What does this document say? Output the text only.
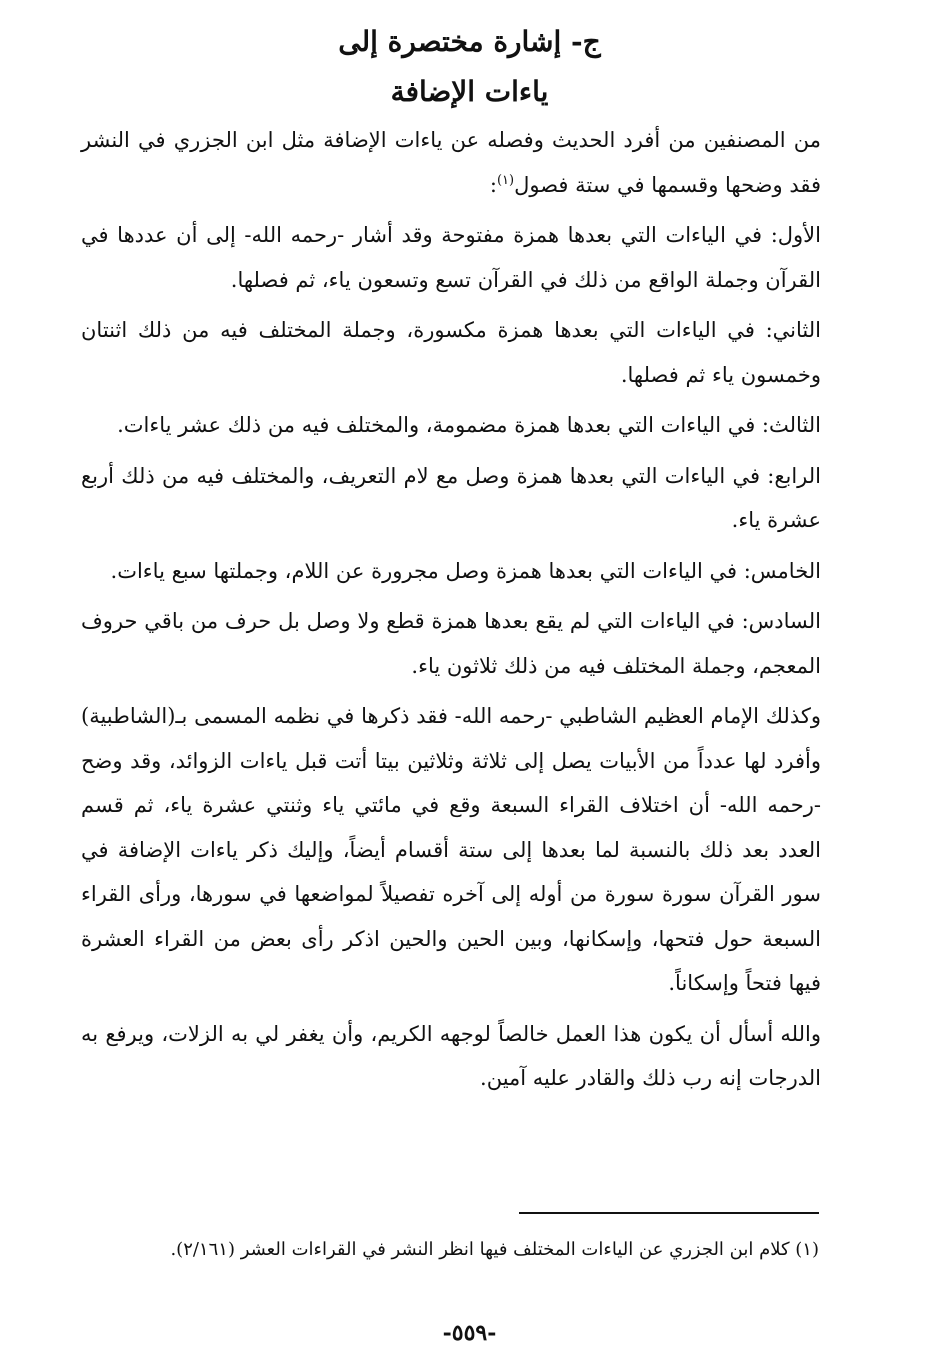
ج- إشارة مختصرة إلى
ياءات الإضافة

من المصنفين من أفرد الحديث وفصله عن ياءات الإضافة مثل ابن الجزري في النشر فقد وضحها وقسمها في ستة فصول$^{(١)}$:

الأول: في الياءات التي بعدها همزة مفتوحة وقد أشار -رحمه الله- إلى أن عددها في القرآن وجملة الواقع من ذلك في القرآن تسع وتسعون ياء، ثم فصلها.

الثاني: في الياءات التي بعدها همزة مكسورة، وجملة المختلف فيه من ذلك اثنتان وخمسون ياء ثم فصلها.

الثالث: في الياءات التي بعدها همزة مضمومة، والمختلف فيه من ذلك عشر ياءات.

الرابع: في الياءات التي بعدها همزة وصل مع لام التعريف، والمختلف فيه من ذلك أربع عشرة ياء.

الخامس: في الياءات التي بعدها همزة وصل مجرورة عن اللام، وجملتها سبع ياءات.

السادس: في الياءات التي لم يقع بعدها همزة قطع ولا وصل بل حرف من باقي حروف المعجم، وجملة المختلف فيه من ذلك ثلاثون ياء.

وكذلك الإمام العظيم الشاطبي -رحمه الله- فقد ذكرها في نظمه المسمى بـ(الشاطبية) وأفرد لها عدداً من الأبيات يصل إلى ثلاثة وثلاثين بيتا أتت قبل ياءات الزوائد، وقد وضح -رحمه الله- أن اختلاف القراء السبعة وقع في مائتي ياء وثنتي عشرة ياء، ثم قسم العدد بعد ذلك بالنسبة لما بعدها إلى ستة أقسام أيضاً، وإليك ذكر ياءات الإضافة في سور القرآن سورة سورة من أوله إلى آخره تفصيلاً لمواضعها في سورها، ورأى القراء السبعة حول فتحها، وإسكانها، وبين الحين والحين اذكر رأى بعض من القراء العشرة فيها فتحاً وإسكاناً.

والله أسأل أن يكون هذا العمل خالصاً لوجهه الكريم، وأن يغفر لي به الزلات، ويرفع به الدرجات إنه رب ذلك والقادر عليه آمين.

(١) كلام ابن الجزري عن الياءات المختلف فيها انظر النشر في القراءات العشر (٢/١٦١).
-٥٥٩-
